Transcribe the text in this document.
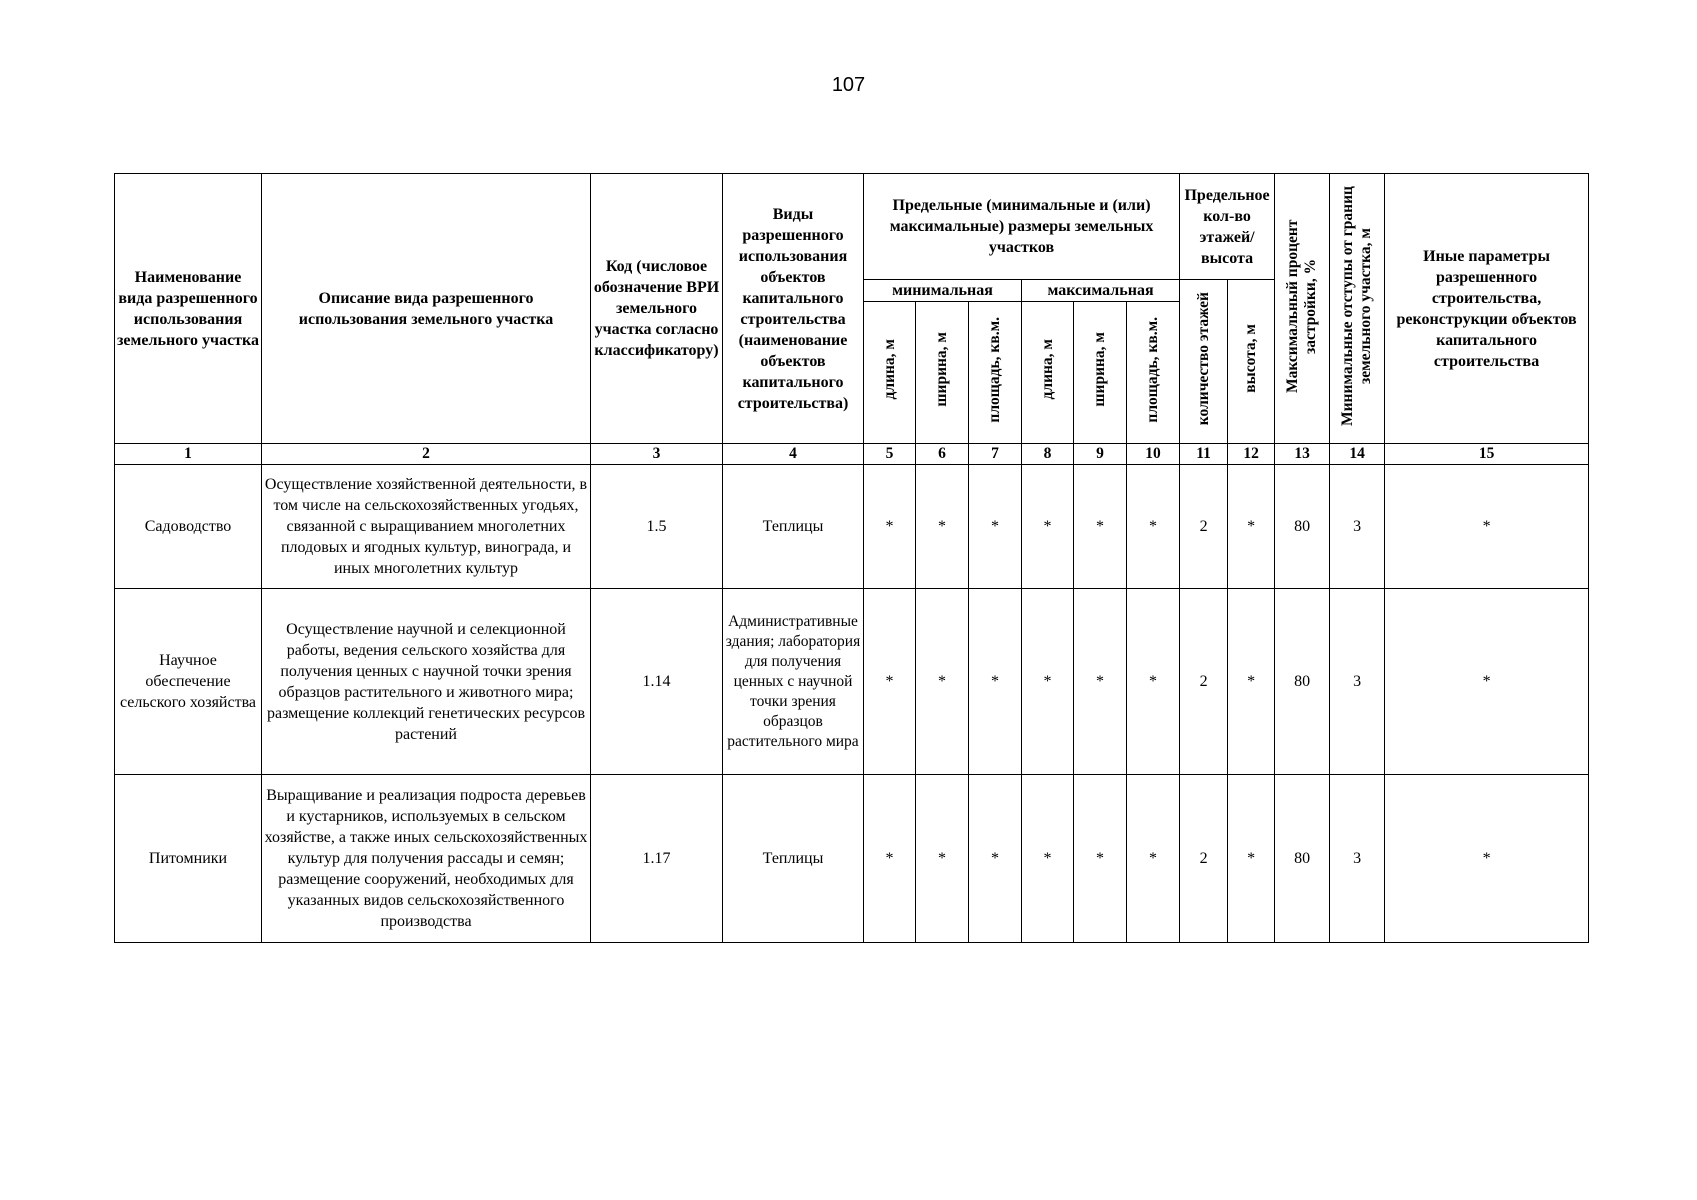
107
Наименование вида разрешенного использования земельного участка	Описание вида разрешенного использования земельного участка	Код (числовое обозначение ВРИ земельного участка согласно классификатору)	Виды разрешенного использования объектов капитального строительства (наименование объектов капитального строительства)	Предельные (минимальные и (или) максимальные) размеры земельных участков						Предельное кол-во этажей/ высота		Максимальный процент застройки, %	Минимальные отступы от границ земельного участка, м	Иные параметры разрешенного строительства, реконструкции объектов капитального строительства
				минимальная			максимальная			количество этажей	высота, м			
				длина, м	ширина, м	площадь, кв.м.	длина, м	ширина, м	площадь, кв.м.					
1	2	3	4	5	6	7	8	9	10	11	12	13	14	15
Садоводство	Осуществление хозяйственной деятельности, в том числе на сельскохозяйственных угодьях, связанной с выращиванием многолетних плодовых и ягодных культур, винограда, и иных многолетних культур	1.5	Теплицы	*	*	*	*	*	*	2	*	80	3	*
Научное обеспечение сельского хозяйства	Осуществление научной и селекционной работы, ведения сельского хозяйства для получения ценных с научной точки зрения образцов растительного и животного мира; размещение коллекций генетических ресурсов растений	1.14	Административные здания; лаборатория для получения ценных с научной точки зрения образцов растительного мира	*	*	*	*	*	*	2	*	80	3	*
Питомники	Выращивание и реализация подроста деревьев и кустарников, используемых в сельском хозяйстве, а также иных сельскохозяйственных культур для получения рассады и семян; размещение сооружений, необходимых для указанных видов сельскохозяйственного производства	1.17	Теплицы	*	*	*	*	*	*	2	*	80	3	*
